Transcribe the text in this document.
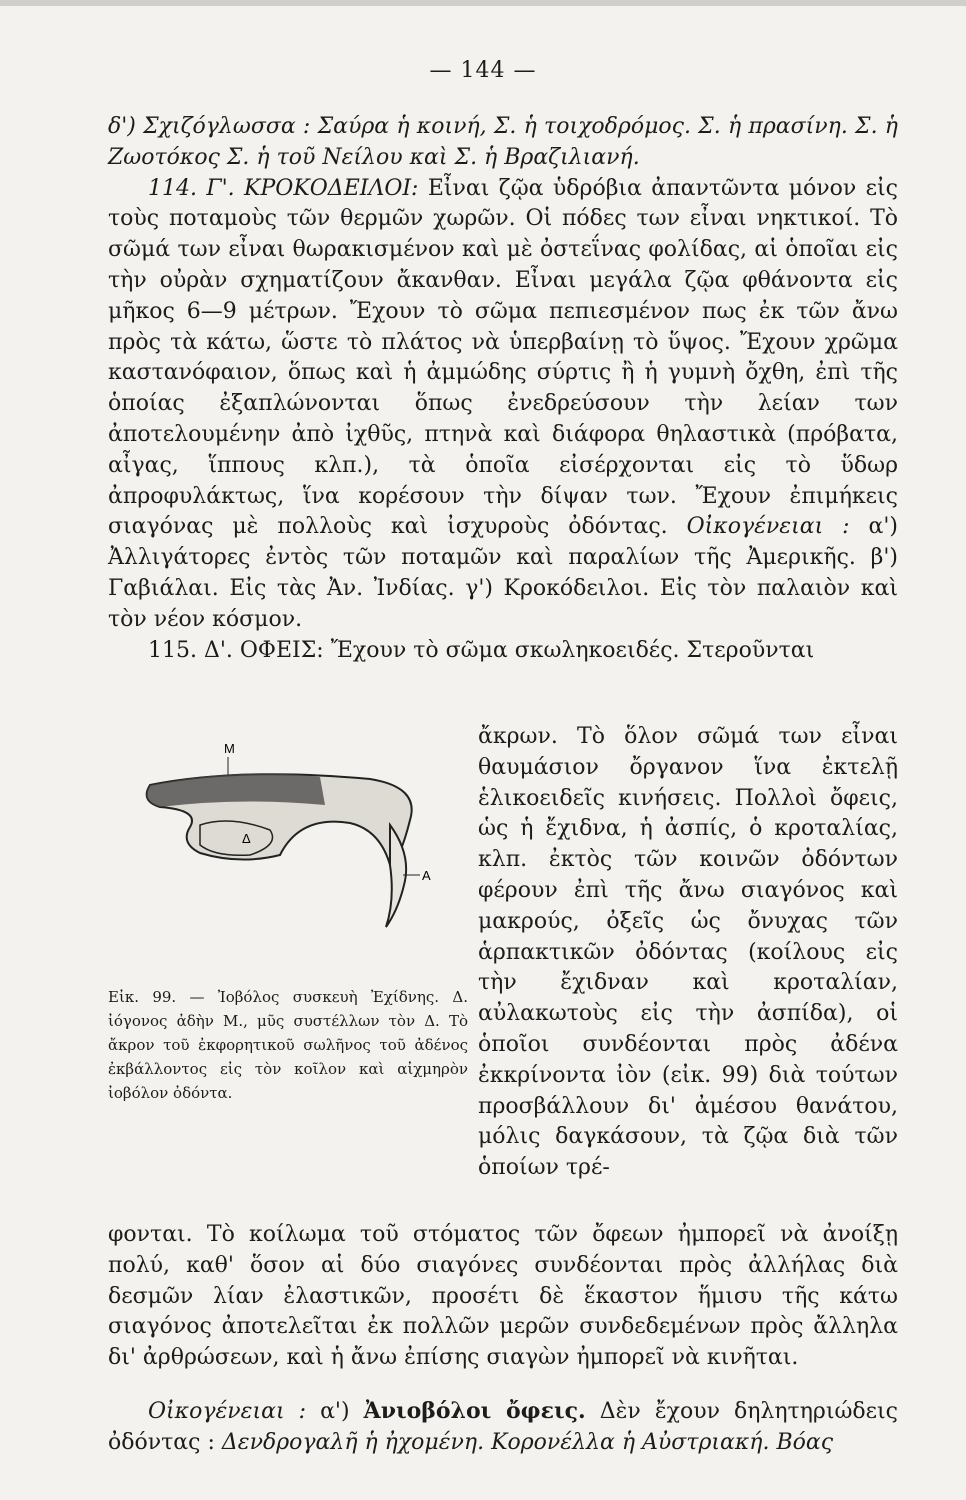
— 144 —

δ') Σχιζόγλωσσα : Σαύρα ἡ κοινή, Σ. ἡ τοιχοδρόμος. Σ. ἡ πρασίνη. Σ. ἡ Ζωοτόκος Σ. ἡ τοῦ Νείλου καὶ Σ. ἡ Βραζιλιανή.

114. Γ'. ΚΡΟΚΟΔΕΙΛΟΙ: Εἶναι ζῷα ὑδρόβια ἀπαντῶντα μόνον εἰς τοὺς ποταμοὺς τῶν θερμῶν χωρῶν. Οἱ πόδες των εἶναι νηκτικοί. Τὸ σῶμά των εἶναι θωρακισμένον καὶ μὲ ὀστεΐνας φολίδας, αἱ ὁποῖαι εἰς τὴν οὐρὰν σχηματίζουν ἄκανθαν. Εἶναι μεγάλα ζῷα φθάνοντα εἰς μῆκος 6—9 μέτρων. Ἔχουν τὸ σῶμα πεπιεσμένον πως ἐκ τῶν ἄνω πρὸς τὰ κάτω, ὥστε τὸ πλάτος νὰ ὑπερβαίνῃ τὸ ὕψος. Ἔχουν χρῶμα καστανόφαιον, ὅπως καὶ ἡ ἀμμώδης σύρτις ἢ ἡ γυμνὴ ὄχθη, ἐπὶ τῆς ὁποίας ἐξαπλώνονται ὅπως ἐνεδρεύσουν τὴν λείαν των ἀποτελουμένην ἀπὸ ἰχθῦς, πτηνὰ καὶ διάφορα θηλαστικὰ (πρόβατα, αἶγας, ἵππους κλπ.), τὰ ὁποῖα εἰσέρχονται εἰς τὸ ὕδωρ ἀπροφυλάκτως, ἵνα κορέσουν τὴν δίψαν των. Ἔχουν ἐπιμήκεις σιαγόνας μὲ πολλοὺς καὶ ἰσχυροὺς ὀδόντας. Οἰκογένειαι : α') Ἀλλιγάτορες ἐντὸς τῶν ποταμῶν καὶ παραλίων τῆς Ἀμερικῆς. β') Γαβιάλαι. Εἰς τὰς Ἀν. Ἰνδίας. γ') Κροκόδειλοι. Εἰς τὸν παλαιὸν καὶ τὸν νέον κόσμον.

115. Δ'. ΟΦΕΙΣ: Ἔχουν τὸ σῶμα σκωληκοειδές. Στεροῦνται

ἄκρων. Τὸ ὅλον σῶμά των εἶναι θαυμάσιον ὄργανον ἵνα ἐκτελῇ ἑλικοειδεῖς κινήσεις. Πολλοὶ ὄφεις, ὡς ἡ ἔχιδνα, ἡ ἀσπίς, ὁ κροταλίας, κλπ. ἐκτὸς τῶν κοινῶν ὀδόντων φέρουν ἐπὶ τῆς ἄνω σιαγόνος καὶ μακρούς, ὀξεῖς ὡς ὄνυχας τῶν ἁρπακτικῶν ὀδόντας (κοίλους εἰς τὴν ἔχιδναν καὶ κροταλίαν, αὐλακωτοὺς εἰς τὴν ἀσπίδα), οἱ ὁποῖοι συνδέονται πρὸς ἀδένα ἐκκρίνοντα ἰὸν (εἰκ. 99) διὰ τούτων προσβάλλουν δι' ἀμέσου θανάτου, μόλις δαγκάσουν, τὰ ζῷα διὰ τῶν ὁποίων τρέ-
Μ
Δ
Α
Εἰκ. 99. — Ἰοβόλος συσκευὴ Ἐχίδνης. Δ. ἰόγονος ἀδὴν Μ., μῦς συστέλλων τὸν Δ. Τὸ ἄκρον τοῦ ἐκφορητικοῦ σωλῆνος τοῦ ἀδένος ἐκβάλλοντος εἰς τὸν κοῖλον καὶ αἰχμηρὸν ἰοβόλον ὀδόντα.

φονται. Τὸ κοίλωμα τοῦ στόματος τῶν ὄφεων ἠμπορεῖ νὰ ἀνοίξῃ πολύ, καθ' ὅσον αἱ δύο σιαγόνες συνδέονται πρὸς ἀλλήλας διὰ δεσμῶν λίαν ἐλαστικῶν, προσέτι δὲ ἕκαστον ἥμισυ τῆς κάτω σιαγόνος ἀποτελεῖται ἐκ πολλῶν μερῶν συνδεδεμένων πρὸς ἄλληλα δι' ἀρθρώσεων, καὶ ἡ ἄνω ἐπίσης σιαγὼν ἠμπορεῖ νὰ κινῆται.

Οἰκογένειαι : α') Ἀνιοβόλοι ὄφεις. Δὲν ἔχουν δηλητηριώδεις ὀδόντας : Δενδρογαλῆ ἡ ἠχομένη. Κορονέλλα ἡ Αὐστριακή. Βόας
